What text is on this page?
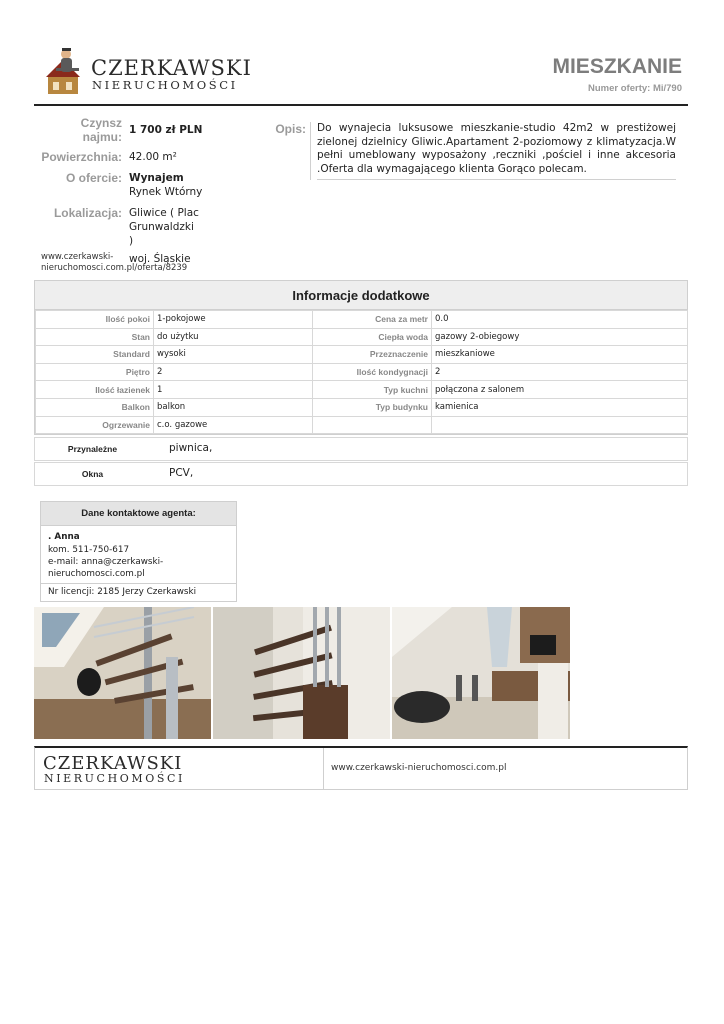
CZERKAWSKI
NIERUCHOMOŚCI
MIESZKANIE
Numer oferty: Mi/790
Czynsz
najmu: 1 700 zł PLN
Powierzchnia: 42.00 m²
O ofercie: Wynajem
Rynek Wtórny
Lokalizacja: Gliwice ( Plac Grunwaldzki
)
woj. Śląskie
www.czerkawski-
nieruchomosci.com.pl/oferta/8239
Opis: Do wynajecia luksusowe mieszkanie-studio 42m2 w prestiżowej zielonej dzielnicy Gliwic.Apartament 2-poziomowy z klimatyzacja.W pełni umeblowany wyposażony ,reczniki ,pościel i inne akcesoria .Oferta dla wymagającego klienta Gorąco polecam.
Informacje dodatkowe
Ilość pokoi	1-pokojowe	Cena za metr	0.0
Stan	do użytku	Ciepła woda	gazowy 2-obiegowy
Standard	wysoki	Przeznaczenie	mieszkaniowe
Piętro	2	Ilość kondygnacji	2
Ilość łazienek	1	Typ kuchni	połączona z salonem
Balkon	balkon	Typ budynku	kamienica
Ogrzewanie	c.o. gazowe		
Przynależne	piwnica,
Okna	PCV,
Dane kontaktowe agenta:
. Anna
kom. 511-750-617
e-mail: anna@czerkawski-
nieruchomosci.com.pl
Nr licencji: 2185 Jerzy Czerkawski
CZERKAWSKI
NIERUCHOMOŚCI
www.czerkawski-nieruchomosci.com.pl
